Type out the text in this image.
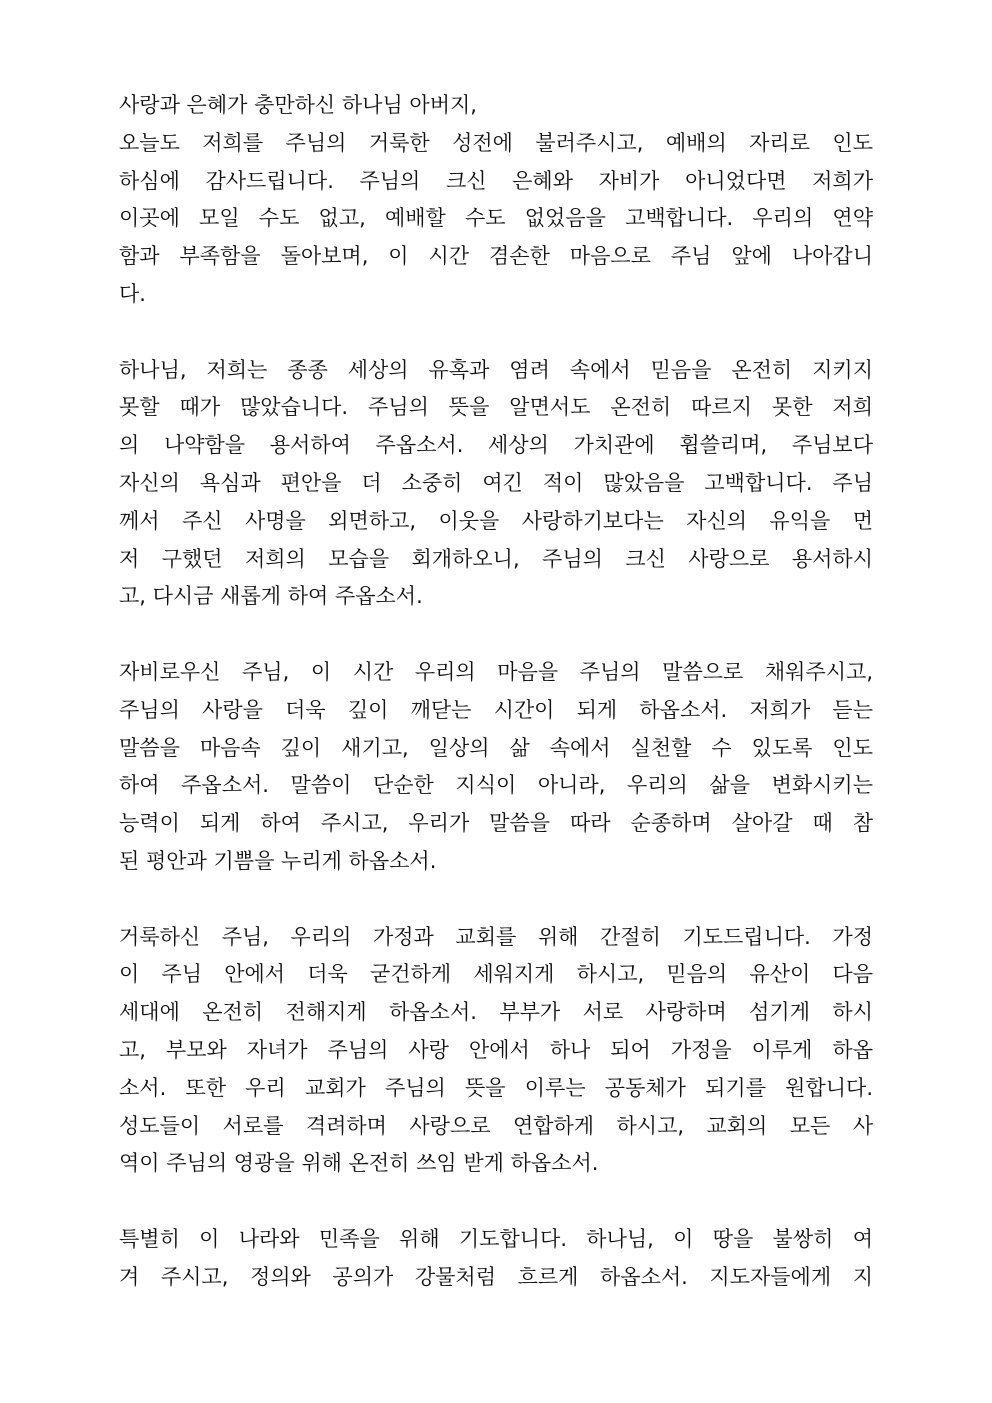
사랑과 은혜가 충만하신 하나님 아버지,
오늘도 저희를 주님의 거룩한 성전에 불러주시고, 예배의 자리로 인도
하심에 감사드립니다. 주님의 크신 은혜와 자비가 아니었다면 저희가
이곳에 모일 수도 없고, 예배할 수도 없었음을 고백합니다. 우리의 연약
함과 부족함을 돌아보며, 이 시간 겸손한 마음으로 주님 앞에 나아갑니
다.
하나님, 저희는 종종 세상의 유혹과 염려 속에서 믿음을 온전히 지키지
못할 때가 많았습니다. 주님의 뜻을 알면서도 온전히 따르지 못한 저희
의 나약함을 용서하여 주옵소서. 세상의 가치관에 휩쓸리며, 주님보다
자신의 욕심과 편안을 더 소중히 여긴 적이 많았음을 고백합니다. 주님
께서 주신 사명을 외면하고, 이웃을 사랑하기보다는 자신의 유익을 먼
저 구했던 저희의 모습을 회개하오니, 주님의 크신 사랑으로 용서하시
고, 다시금 새롭게 하여 주옵소서.
자비로우신 주님, 이 시간 우리의 마음을 주님의 말씀으로 채워주시고,
주님의 사랑을 더욱 깊이 깨닫는 시간이 되게 하옵소서. 저희가 듣는
말씀을 마음속 깊이 새기고, 일상의 삶 속에서 실천할 수 있도록 인도
하여 주옵소서. 말씀이 단순한 지식이 아니라, 우리의 삶을 변화시키는
능력이 되게 하여 주시고, 우리가 말씀을 따라 순종하며 살아갈 때 참
된 평안과 기쁨을 누리게 하옵소서.
거룩하신 주님, 우리의 가정과 교회를 위해 간절히 기도드립니다. 가정
이 주님 안에서 더욱 굳건하게 세워지게 하시고, 믿음의 유산이 다음
세대에 온전히 전해지게 하옵소서. 부부가 서로 사랑하며 섬기게 하시
고, 부모와 자녀가 주님의 사랑 안에서 하나 되어 가정을 이루게 하옵
소서. 또한 우리 교회가 주님의 뜻을 이루는 공동체가 되기를 원합니다.
성도들이 서로를 격려하며 사랑으로 연합하게 하시고, 교회의 모든 사
역이 주님의 영광을 위해 온전히 쓰임 받게 하옵소서.
특별히 이 나라와 민족을 위해 기도합니다. 하나님, 이 땅을 불쌍히 여
겨 주시고, 정의와 공의가 강물처럼 흐르게 하옵소서. 지도자들에게 지
